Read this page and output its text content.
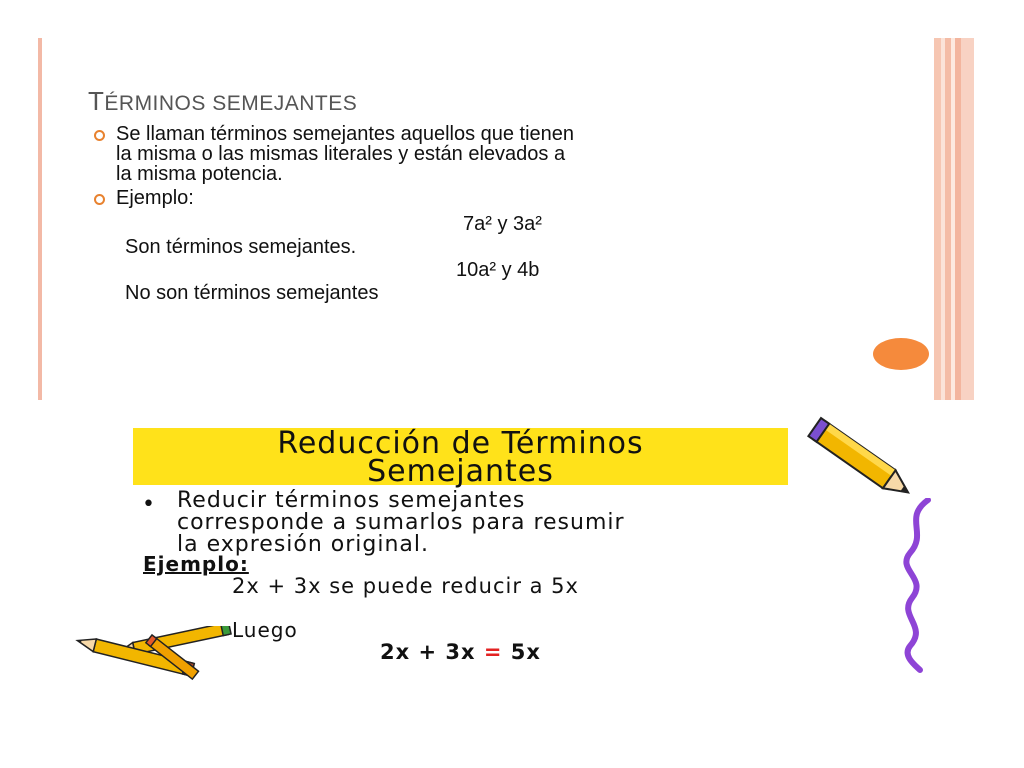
TÉRMINOS SEMEJANTES
Se llaman términos semejantes aquellos que tienen
la misma o las mismas literales y están elevados a
la misma potencia.
Ejemplo:
7a² y 3a²
Son términos semejantes.
10a² y 4b
No son términos semejantes
Reducción de Términos
Semejantes
• Reducir términos semejantes
corresponde a sumarlos para resumir
la expresión original.
Ejemplo:
2x + 3x se puede reducir a 5x
Luego
2x + 3x = 5x
